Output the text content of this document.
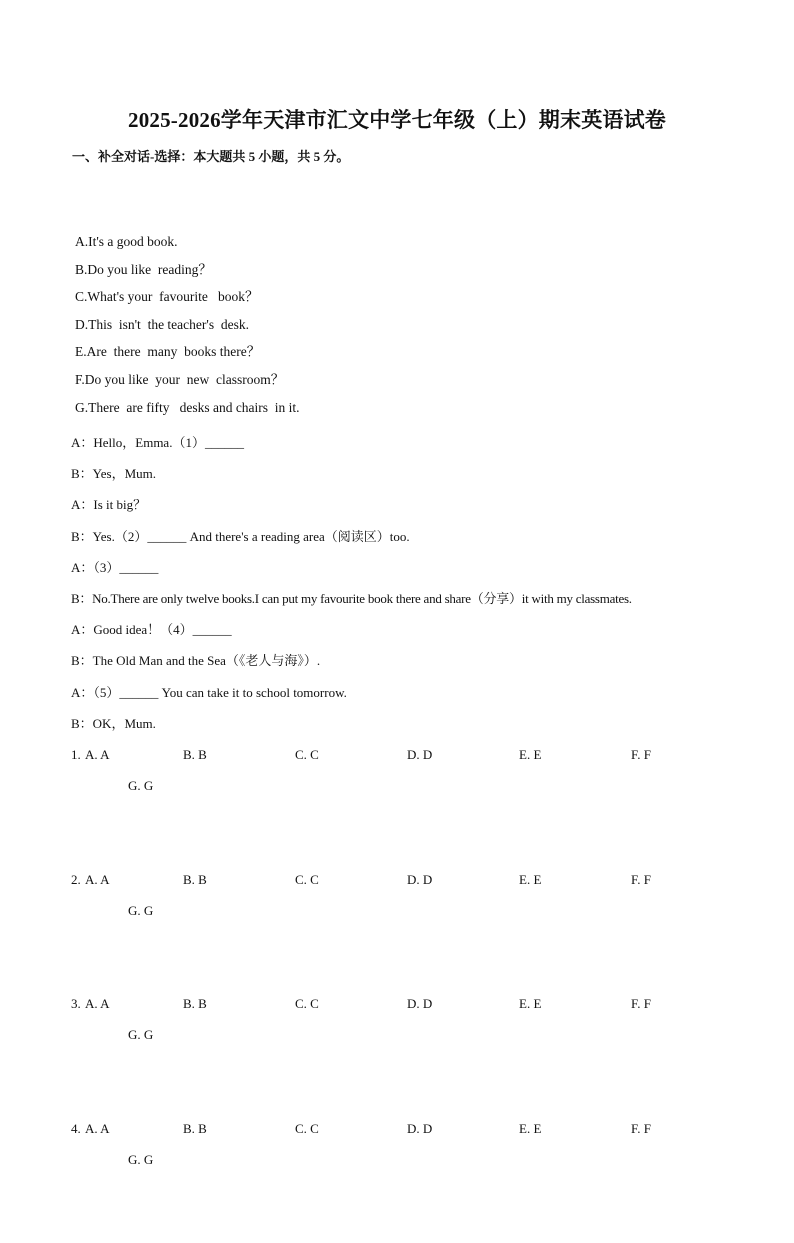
2025-2026学年天津市汇文中学七年级（上）期末英语试卷
一、补全对话-选择：本大题共 5 小题，共 5 分。
A.It's a good book.
B.Do you like  reading？
C.What's your  favourite   book？
D.This  isn't  the teacher's  desk.
E.Are  there  many  books there？
F.Do you like  your  new  classroom？
G.There  are fifty   desks and chairs  in it.
A：Hello，Emma.（1）______
B：Yes，Mum.
A：Is it big？
B：Yes.（2）______ And there's a reading area（阅读区）too.
A：（3）______
B：No.There are only twelve books.I can put my favourite book there and share（分享）it with my classmates.
A：Good idea！（4）______
B：The Old Man and the Sea（《老人与海》）.
A：（5）______ You can take it to school tomorrow.
B：OK，Mum.
1. A. A	B. B	C. C	D. D	E. E	F. F
G. G
2. A. A	B. B	C. C	D. D	E. E	F. F
G. G
3. A. A	B. B	C. C	D. D	E. E	F. F
G. G
4. A. A	B. B	C. C	D. D	E. E	F. F
G. G
